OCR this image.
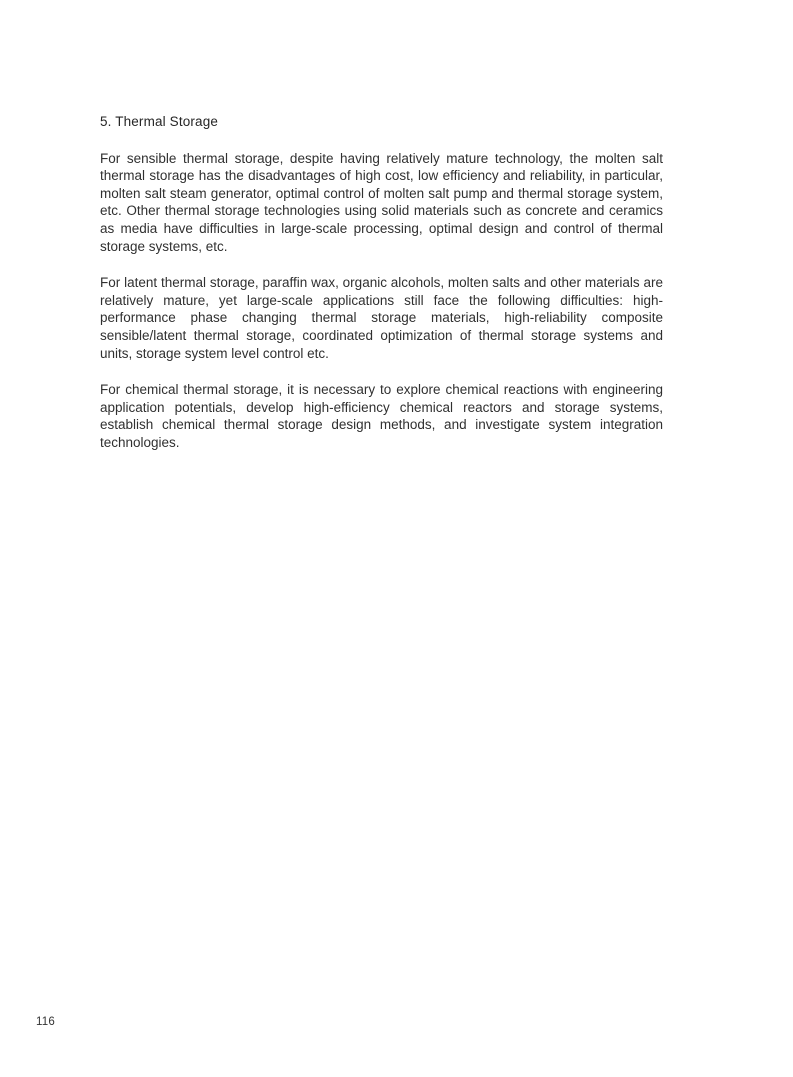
5. Thermal Storage

For sensible thermal storage, despite having relatively mature technology, the molten salt thermal storage has the disadvantages of high cost, low efficiency and reliability, in particular, molten salt steam generator, optimal control of molten salt pump and thermal storage system, etc. Other thermal storage technologies using solid materials such as concrete and ceramics as media have difficulties in large-scale processing, optimal design and control of thermal storage systems, etc.

For latent thermal storage, paraffin wax, organic alcohols, molten salts and other materials are relatively mature, yet large-scale applications still face the following difficulties: high-performance phase changing thermal storage materials, high-reliability composite sensible/latent thermal storage, coordinated optimization of thermal storage systems and units, storage system level control etc.

For chemical thermal storage, it is necessary to explore chemical reactions with engineering application potentials, develop high-efficiency chemical reactors and storage systems, establish chemical thermal storage design methods, and investigate system integration technologies.

116
